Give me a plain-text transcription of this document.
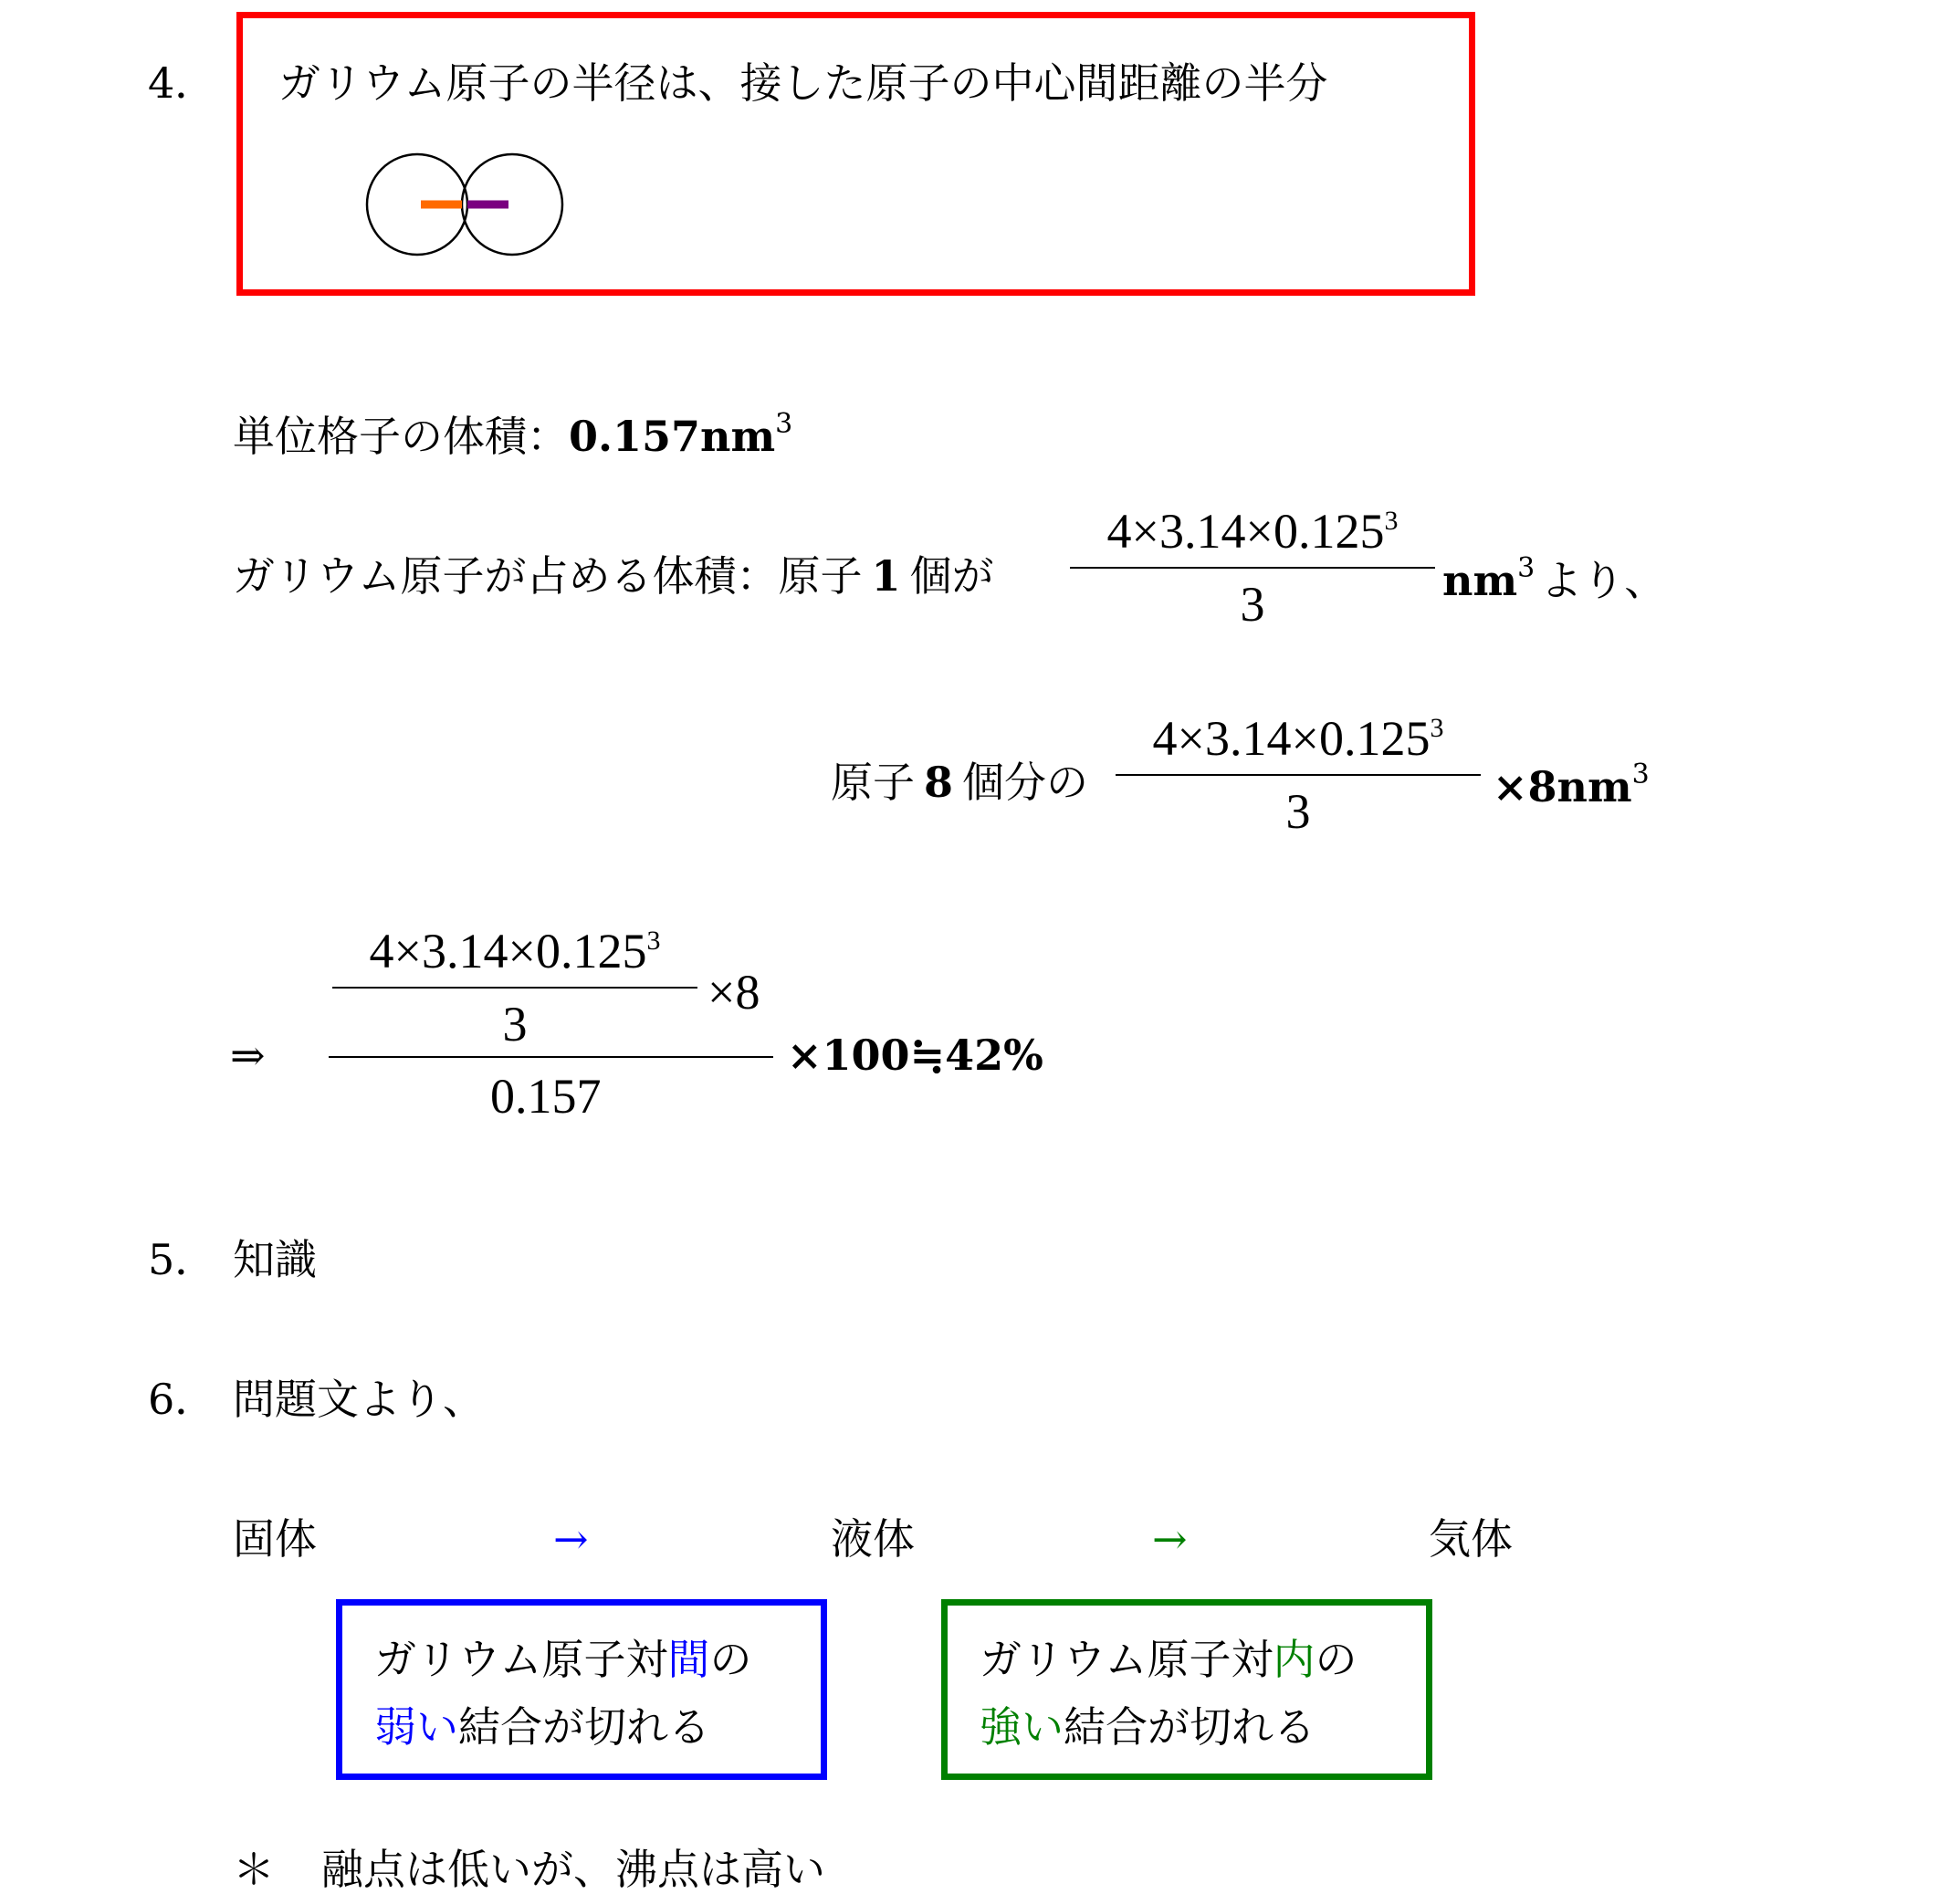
4． ガリウム原子の半径は、接した原子の中心間距離の半分
単位格子の体積：$0.157nm^3$
ガリウム原子が占める体積：原子 1 個が
$4\times 3.14\times 0.125^3$
3	$nm^3$ より、
原子 8 個分の
$4\times 3.14\times 0.125^3$
3	$\times 8nm^3$
⇒
$4\times 3.14\times 0.125^3$
3
×8
0.157
×100≒42%
5． 知識
6． 問題文より、
固体	→	液体	→	気体
ガリウム原子対間の
弱い結合が切れる
ガリウム原子対内の
強い結合が切れる
＊ 融点は低いが、沸点は高い
